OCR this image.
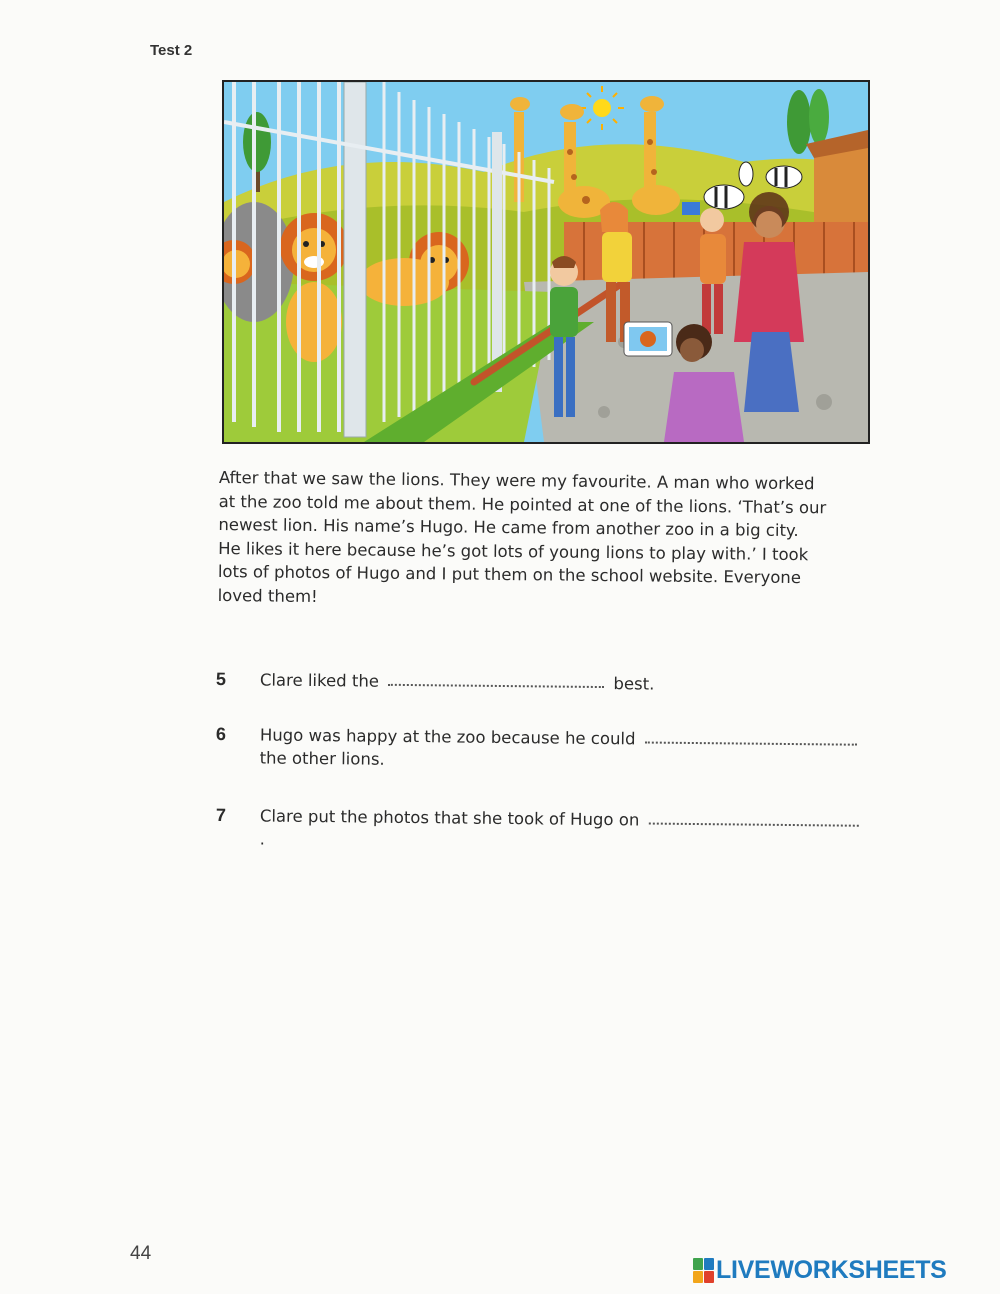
Test 2
After that we saw the lions. They were my favourite. A man who worked
at the zoo told me about them. He pointed at one of the lions. ‘That’s our
newest lion. His name’s Hugo. He came from another zoo in a big city.
He likes it here because he’s got lots of young lions to play with.’ I took
lots of photos of Hugo and I put them on the school website. Everyone
loved them!
5 Clare liked the	best.
6 Hugo was happy at the zoo because he could
the other lions.
7 Clare put the photos that she took of Hugo on .
44
LIVEWORKSHEETS
